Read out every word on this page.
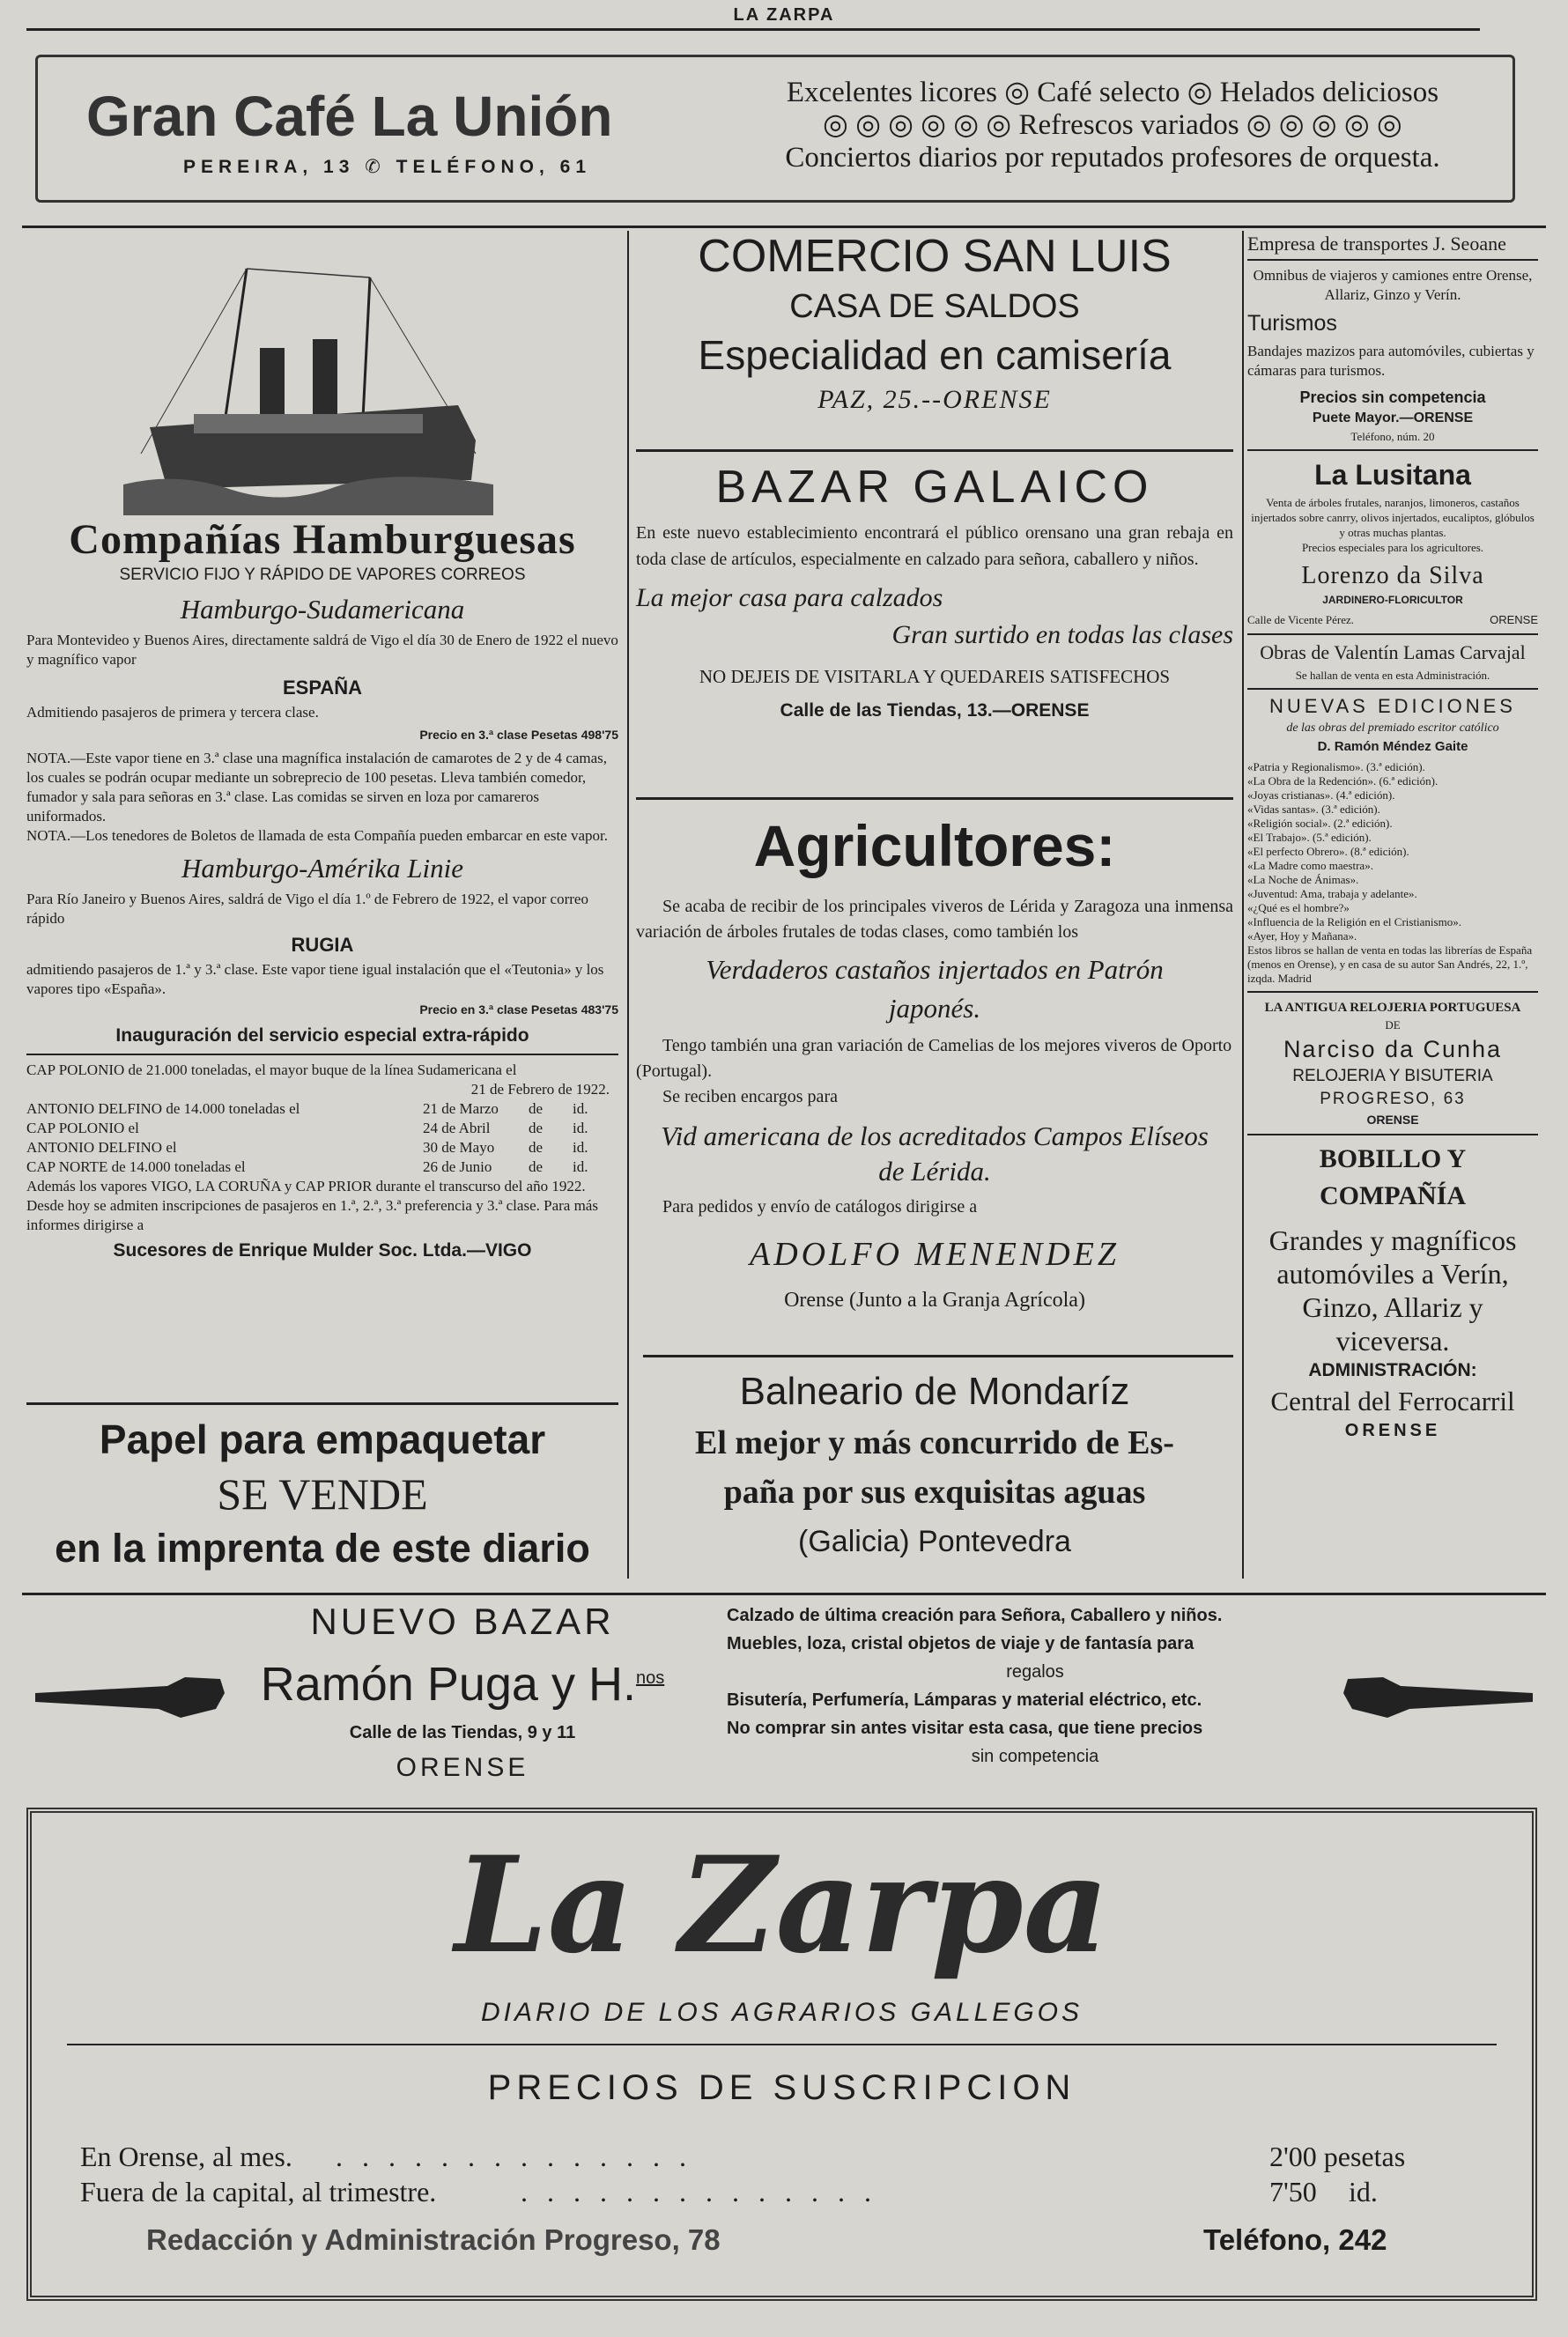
LA ZARPA
Gran Café La Unión
PEREIRA, 13 ✆ TELÉFONO, 61
Excelentes licores ◎ Café selecto ◎ Helados deliciosos
◎ ◎ ◎ ◎ ◎ ◎ Refrescos variados ◎ ◎ ◎ ◎ ◎
Conciertos diarios por reputados profesores de orquesta.
Compañías Hamburguesas
SERVICIO FIJO Y RÁPIDO DE VAPORES CORREOS
Hamburgo-Sudamericana
Para Montevideo y Buenos Aires, directamente saldrá de Vigo el día 30 de Enero de 1922 el nuevo y magnífico vapor
ESPAÑA
Admitiendo pasajeros de primera y tercera clase.
Precio en 3.ª clase Pesetas 498'75
NOTA.—Este vapor tiene en 3.ª clase una magnífica instalación de camarotes de 2 y de 4 camas, los cuales se podrán ocupar mediante un sobreprecio de 100 pesetas. Lleva también comedor, fumador y sala para señoras en 3.ª clase. Las comidas se sirven en loza por camareros uniformados.
NOTA.—Los tenedores de Boletos de llamada de esta Compañía pueden embarcar en este vapor.
Hamburgo-Amérika Linie
Para Río Janeiro y Buenos Aires, saldrá de Vigo el día 1.º de Febrero de 1922, el vapor correo rápido
RUGIA
admitiendo pasajeros de 1.ª y 3.ª clase. Este vapor tiene igual instalación que el «Teutonia» y los vapores tipo «España».
Precio en 3.ª clase Pesetas 483'75
Inauguración del servicio especial extra-rápido
CAP POLONIO de 21.000 toneladas, el mayor buque de la línea Sudamericana el
21 de Febrero de 1922.
ANTONIO DELFINO de 14.000 toneladas el	21 de Marzo	de	id.
CAP POLONIO el	24 de Abril	de	id.
ANTONIO DELFINO el	30 de Mayo	de	id.
CAP NORTE de 14.000 toneladas el	26 de Junio	de	id.
Además los vapores VIGO, LA CORUÑA y CAP PRIOR durante el transcurso del año 1922. Desde hoy se admiten inscripciones de pasajeros en 1.ª, 2.ª, 3.ª preferencia y 3.ª clase. Para más informes dirigirse a
Sucesores de Enrique Mulder Soc. Ltda.—VIGO
Papel para empaquetar
SE VENDE
en la imprenta de este diario
COMERCIO SAN LUIS
CASA DE SALDOS
Especialidad en camisería
PAZ, 25.--ORENSE
BAZAR GALAICO
En este nuevo establecimiento encontrará el público orensano una gran rebaja en toda clase de artículos, especialmente en calzado para señora, caballero y niños.
La mejor casa para calzados
Gran surtido en todas las clases
NO DEJEIS DE VISITARLA Y QUEDAREIS SATISFECHOS
Calle de las Tiendas, 13.—ORENSE
Agricultores:
Se acaba de recibir de los principales viveros de Lérida y Zaragoza una inmensa variación de árboles frutales de todas clases, como también los
Verdaderos castaños injertados en Patrón japonés.
Tengo también una gran variación de Camelias de los mejores viveros de Oporto (Portugal).
Se reciben encargos para
Vid americana de los acreditados Campos Elíseos de Lérida.
Para pedidos y envío de catálogos dirigirse a
ADOLFO MENENDEZ
Orense (Junto a la Granja Agrícola)
Balneario de Mondaríz
El mejor y más concurrido de Es-
paña por sus exquisitas aguas
(Galicia) Pontevedra
Empresa de transportes J. Seoane
Omnibus de viajeros y camiones entre Orense, Allariz, Ginzo y Verín.
Turismos
Bandajes mazizos para automóviles, cubiertas y cámaras para turismos.
Precios sin competencia
Puete Mayor.—ORENSE
Teléfono, núm. 20
La Lusitana
Venta de árboles frutales, naranjos, limoneros, castaños injertados sobre canrry, olivos injertados, eucaliptos, glóbulos y otras muchas plantas.
Precios especiales para los agricultores.
Lorenzo da Silva
JARDINERO-FLORICULTOR
Calle de Vicente Pérez.	ORENSE
Obras de Valentín Lamas Carvajal
Se hallan de venta en esta Administración.
NUEVAS EDICIONES
de las obras del premiado escritor católico
D. Ramón Méndez Gaite
«Patria y Regionalismo». (3.ª edición).
«La Obra de la Redención». (6.ª edición).
«Joyas cristianas». (4.ª edición).
«Vidas santas». (3.ª edición).
«Religión social». (2.ª edición).
«El Trabajo». (5.ª edición).
«El perfecto Obrero». (8.ª edición).
«La Madre como maestra».
«La Noche de Ánimas».
«Juventud: Ama, trabaja y adelante».
«¿Qué es el hombre?»
«Influencia de la Religión en el Cristianismo».
«Ayer, Hoy y Mañana».
Estos libros se hallan de venta en todas las librerías de España (menos en Orense), y en casa de su autor San Andrés, 22, 1.º, izqda. Madrid
LA ANTIGUA RELOJERIA PORTUGUESA
DE
Narciso da Cunha
RELOJERIA Y BISUTERIA
PROGRESO, 63
ORENSE
BOBILLO Y COMPAÑÍA
Grandes y magníficos automóviles a Verín, Ginzo, Allariz y viceversa.
ADMINISTRACIÓN:
Central del Ferrocarril
ORENSE
NUEVO BAZAR
Ramón Puga y H.$^{nos}$
Calle de las Tiendas, 9 y 11
ORENSE
Calzado de última creación para Señora, Caballero y niños.
Muebles, loza, cristal objetos de viaje y de fantasía para
regalos
Bisutería, Perfumería, Lámparas y material eléctrico, etc.
No comprar sin antes visitar esta casa, que tiene precios
sin competencia
La Zarpa
DIARIO DE LOS AGRARIOS GALLEGOS
PRECIOS DE SUSCRIPCION
En Orense, al mes.	..............	2'00 pesetas
Fuera de la capital, al trimestre.	..............	7'50	id.
Redacción y Administración Progreso, 78	Teléfono, 242
